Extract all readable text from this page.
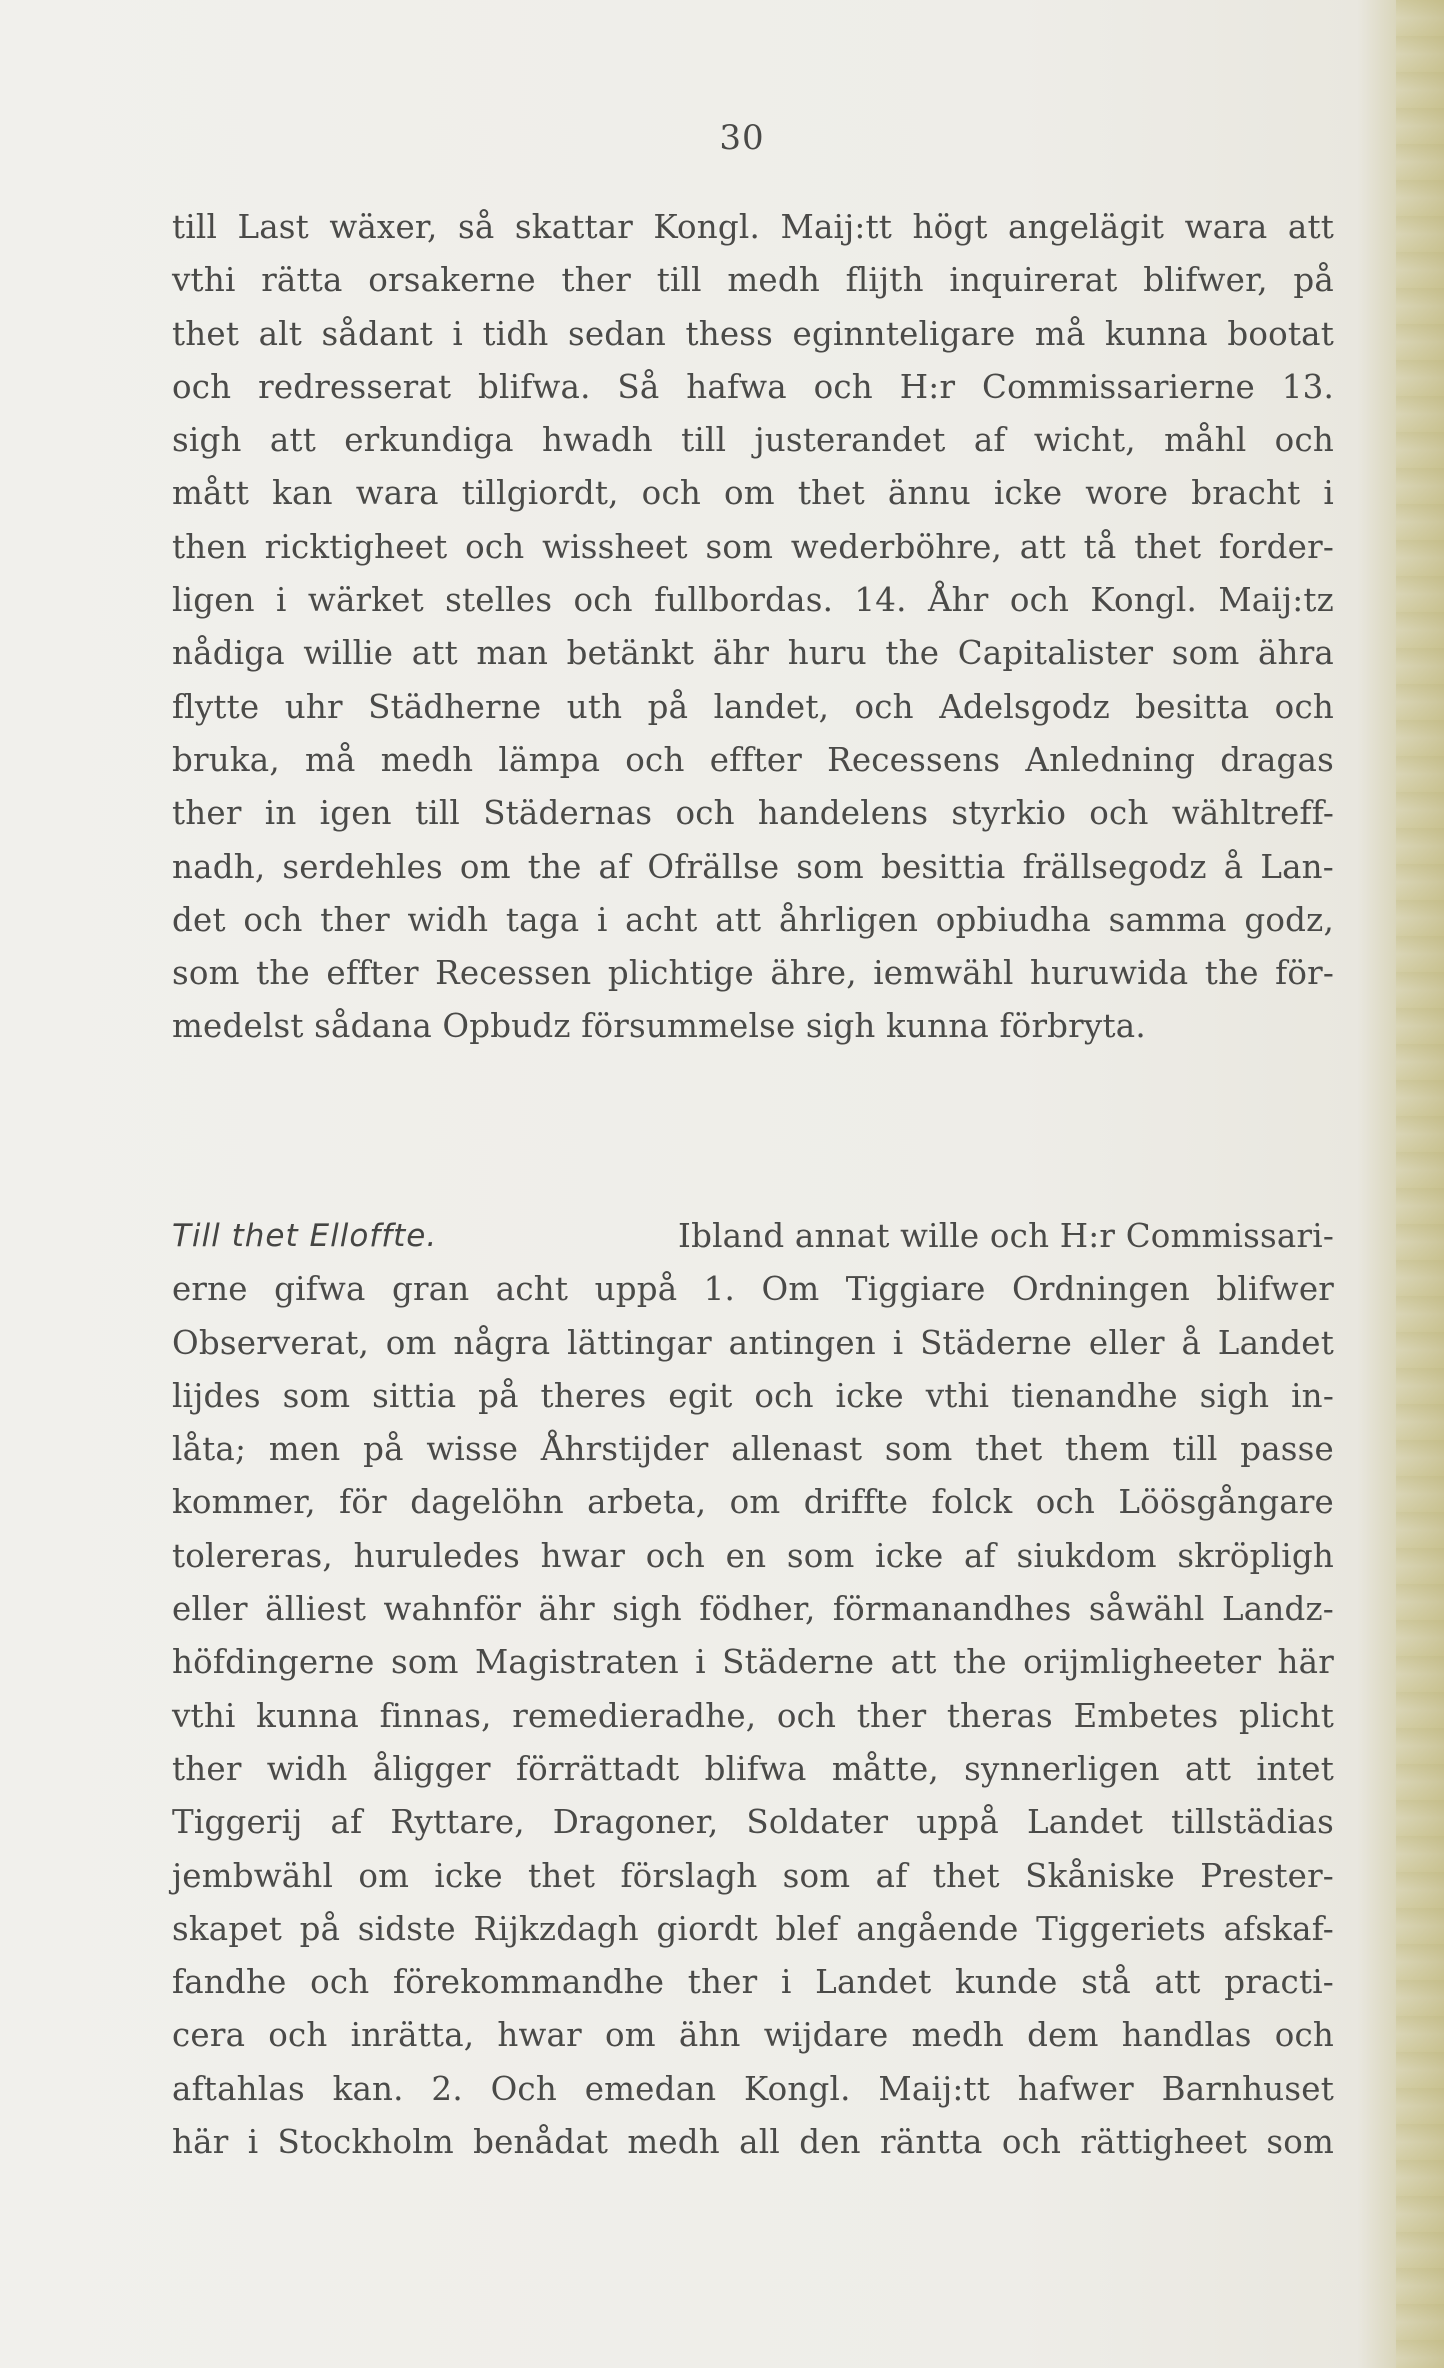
30
till Last wäxer, så skattar Kongl. Maij:tt högt angelägit wara att
vthi rätta orsakerne ther till medh flijth inquirerat blifwer, på
thet alt sådant i tidh sedan thess eginnteligare må kunna bootat
och redresserat blifwa. Så hafwa och H:r Commissarierne 13.
sigh att erkundiga hwadh till justerandet af wicht, måhl och
mått kan wara tillgiordt, och om thet ännu icke wore bracht i
then ricktigheet och wissheet som wederböhre, att tå thet forder-
ligen i wärket stelles och fullbordas. 14. Åhr och Kongl. Maij:tz
nådiga willie att man betänkt ähr huru the Capitalister som ähra
flytte uhr Städherne uth på landet, och Adelsgodz besitta och
bruka, må medh lämpa och effter Recessens Anledning dragas
ther in igen till Städernas och handelens styrkio och wähltreff-
nadh, serdehles om the af Ofrällse som besittia frällsegodz å Lan-
det och ther widh taga i acht att åhrligen opbiudha samma godz,
som the effter Recessen plichtige ähre, iemwähl huruwida the för-
medelst sådana Opbudz försummelse sigh kunna förbryta.
Till thet Elloffte.	Ibland annat wille och H:r Commissari-
erne gifwa gran acht uppå 1. Om Tiggiare Ordningen blifwer
Observerat, om några lättingar antingen i Städerne eller å Landet
lijdes som sittia på theres egit och icke vthi tienandhe sigh in-
låta; men på wisse Åhrstijder allenast som thet them till passe
kommer, för dagelöhn arbeta, om driffte folck och Löösgångare
tolereras, huruledes hwar och en som icke af siukdom skröpligh
eller älliest wahnför ähr sigh födher, förmanandhes såwähl Landz-
höfdingerne som Magistraten i Städerne att the orijmligheeter här
vthi kunna finnas, remedieradhe, och ther theras Embetes plicht
ther widh åligger förrättadt blifwa måtte, synnerligen att intet
Tiggerij af Ryttare, Dragoner, Soldater uppå Landet tillstädias
jembwähl om icke thet förslagh som af thet Skåniske Prester-
skapet på sidste Rijkzdagh giordt blef angående Tiggeriets afskaf-
fandhe och förekommandhe ther i Landet kunde stå att practi-
cera och inrätta, hwar om ähn wijdare medh dem handlas och
aftahlas kan. 2. Och emedan Kongl. Maij:tt hafwer Barnhuset
här i Stockholm benådat medh all den räntta och rättigheet som
